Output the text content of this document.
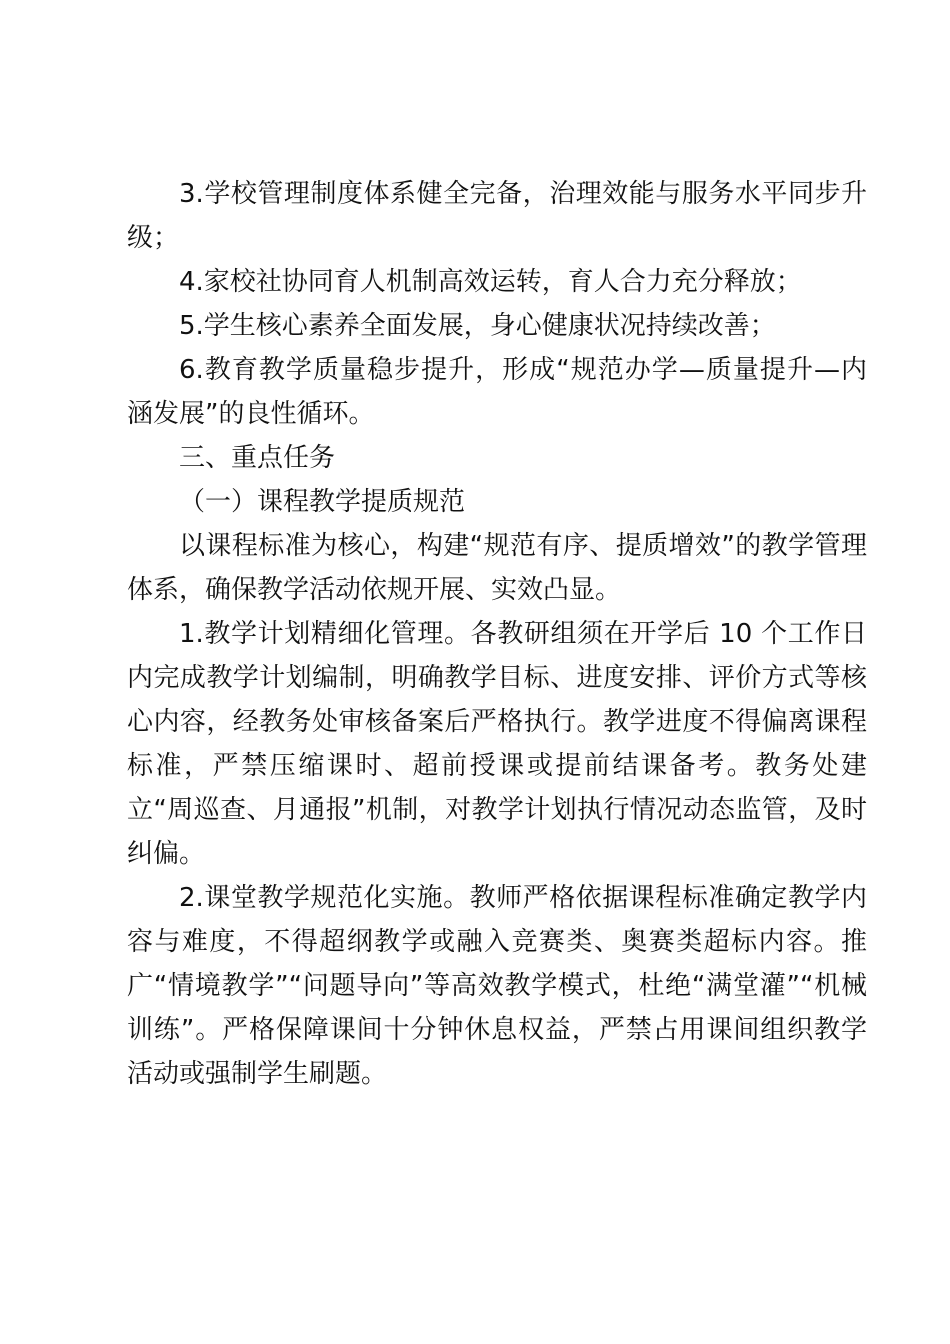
3.学校管理制度体系健全完备，治理效能与服务水平同步升级；

4.家校社协同育人机制高效运转，育人合力充分释放；

5.学生核心素养全面发展，身心健康状况持续改善；

6.教育教学质量稳步提升，形成“规范办学—质量提升—内涵发展”的良性循环。

三、重点任务

（一）课程教学提质规范

以课程标准为核心，构建“规范有序、提质增效”的教学管理体系，确保教学活动依规开展、实效凸显。

1.教学计划精细化管理。各教研组须在开学后 10 个工作日内完成教学计划编制，明确教学目标、进度安排、评价方式等核心内容，经教务处审核备案后严格执行。教学进度不得偏离课程标准，严禁压缩课时、超前授课或提前结课备考。教务处建立“周巡查、月通报”机制，对教学计划执行情况动态监管，及时纠偏。

2.课堂教学规范化实施。教师严格依据课程标准确定教学内容与难度，不得超纲教学或融入竞赛类、奥赛类超标内容。推广“情境教学”“问题导向”等高效教学模式，杜绝“满堂灌”“机械训练”。严格保障课间十分钟休息权益，严禁占用课间组织教学活动或强制学生刷题。
